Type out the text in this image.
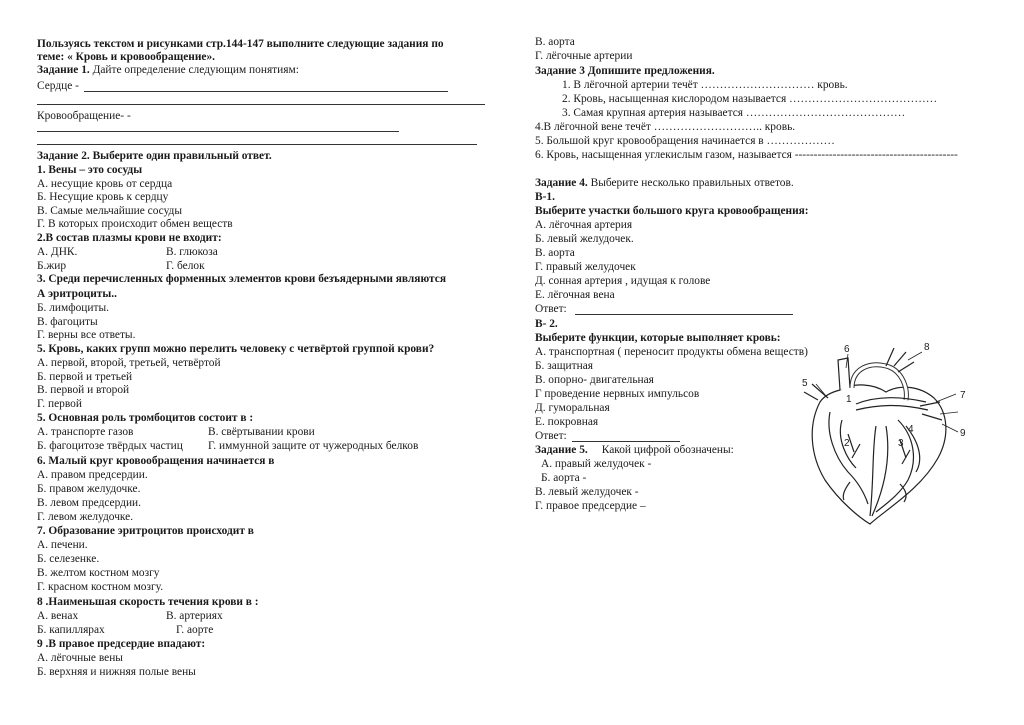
Пользуясь текстом и рисунками стр.144-147 выполните следующие задания по
теме: « Кровь и кровообращение».
Задание 1. Дайте определение следующим понятиям:
Сердце -
Кровообращение- -
Задание 2. Выберите один правильный ответ.
1. Вены – это сосуды
А. несущие кровь от сердца
Б. Несущие кровь к сердцу
В. Самые мельчайшие сосуды
Г. В которых происходит обмен веществ
2.В состав плазмы крови не входит:
А. ДНК.	В. глюкоза
Б.жир	Г. белок
3. Среди перечисленных форменных элементов крови безъядерными являются
А эритроциты..
Б. лимфоциты.
В. фагоциты
Г. верны все ответы.
5. Кровь, каких групп можно перелить человеку с четвёртой группой крови?
А. первой, второй, третьей, четвёртой
Б. первой и третьей
В. первой и второй
Г. первой
5. Основная роль тромбоцитов состоит в :
А. транспорте газов	В. свёртывании крови
Б. фагоцитозе твёрдых частиц Г. иммунной защите от чужеродных белков
6. Малый круг кровообращения начинается в
А. правом предсердии.
Б. правом желудочке.
В. левом предсердии.
Г. левом желудочке.
7. Образование эритроцитов происходит в
А. печени.
Б. селезенке.
В. желтом костном мозгу
Г. красном костном мозгу.
8 .Наименьшая скорость течения крови в :
А. венах	В. артериях
Б. капиллярах	Г. аорте
9 .В правое предсердие впадают:
А. лёгочные вены
Б. верхняя и нижняя полые вены
В. аорта
Г. лёгочные артерии
Задание 3 Допишите предложения.
1. В лёгочной артерии течёт ………………………… кровь.
2. Кровь, насыщенная кислородом называется …………………………………
3. Самая крупная артерия называется ……………………………………
4.В лёгочной вене течёт ……………………….. кровь.
5. Большой круг кровообращения начинается в ………………
6. Кровь, насыщенная углекислым газом, называется -------------------------------------------
Задание 4. Выберите несколько правильных ответов.
В-1.
Выберите участки большого круга кровообращения:
А. лёгочная артерия
Б. левый желудочек.
В. аорта
Г. правый желудочек
Д. сонная артерия , идущая к голове
Е. лёгочная вена
Ответ:
В- 2.
Выберите функции, которые выполняет кровь:
А. транспортная ( переносит продукты обмена веществ)
Б. защитная
В. опорно- двигательная
Г проведение нервных импульсов
Д. гуморальная
Е. покровная
Ответ:
Задание 5. Какой цифрой обозначены:
А. правый желудочек -
Б. аорта -
В. левый желудочек -
Г. правое предсердие –
1
2	3
4
5
6
7
8
9
